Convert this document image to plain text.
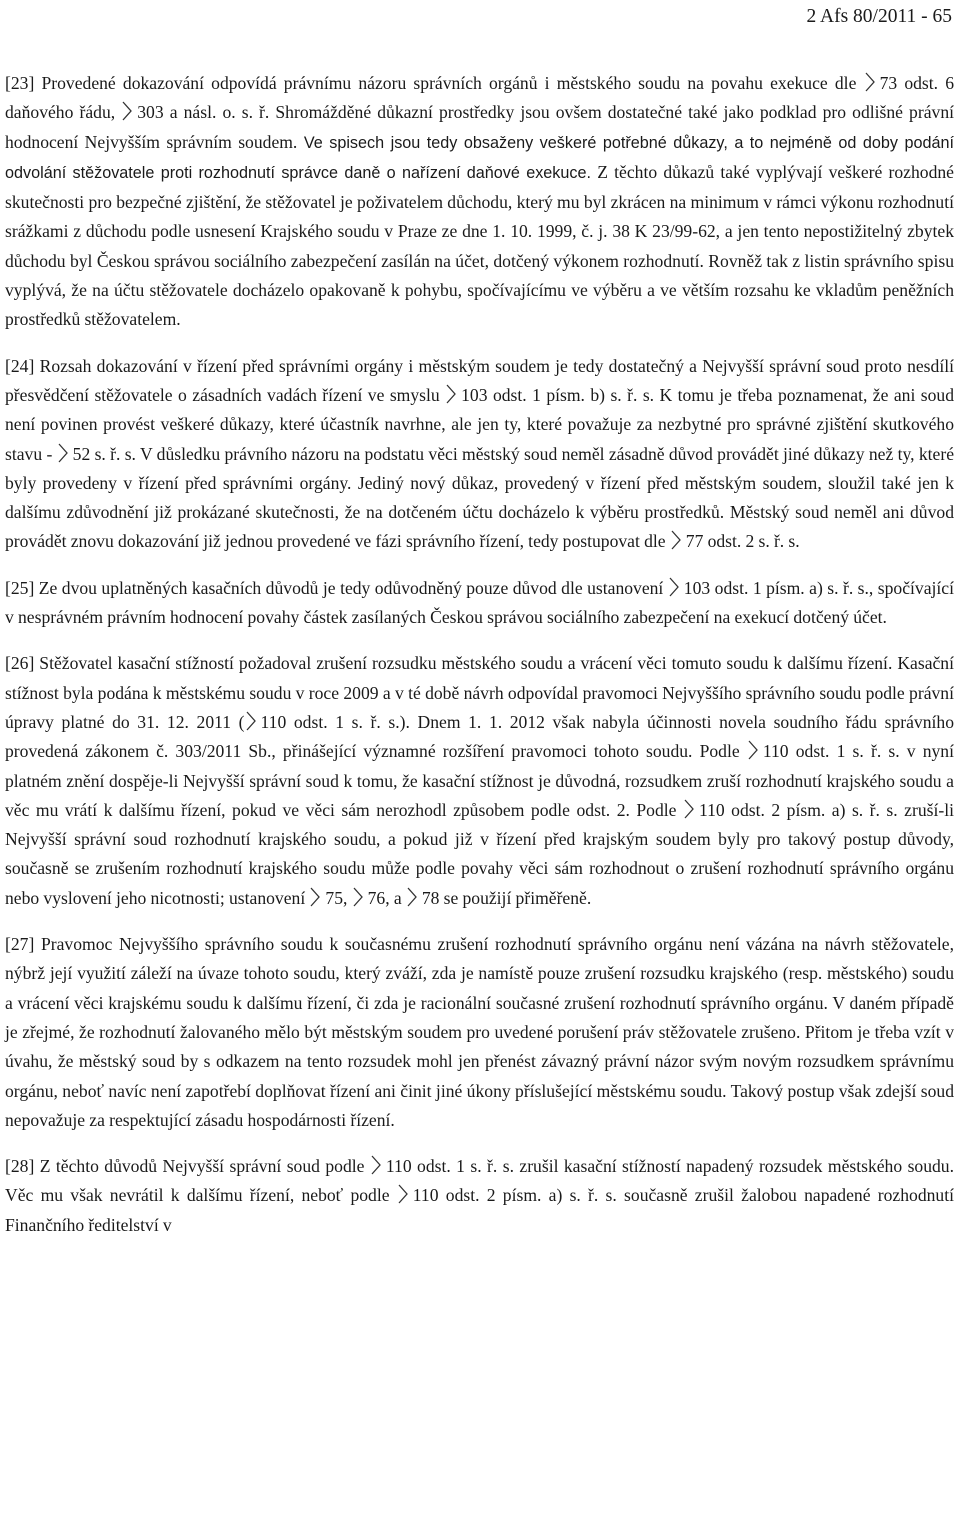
2 Afs 80/2011 - 65

[23] Provedené dokazování odpovídá právnímu názoru správních orgánů i městského soudu na povahu exekuce dle 73 odst. 6 daňového řádu, 303 a násl. o. s. ř. Shromážděné důkazní prostředky jsou ovšem dostatečné také jako podklad pro odlišné právní hodnocení Nejvyšším správním soudem. Ve spisech jsou tedy obsaženy veškeré potřebné důkazy, a to nejméně od doby podání odvolání stěžovatele proti rozhodnutí správce daně o nařízení daňové exekuce. Z těchto důkazů také vyplývají veškeré rozhodné skutečnosti pro bezpečné zjištění, že stěžovatel je poživatelem důchodu, který mu byl zkrácen na minimum v rámci výkonu rozhodnutí srážkami z důchodu podle usnesení Krajského soudu v Praze ze dne 1. 10. 1999, č. j. 38 K 23/99-62, a jen tento nepostižitelný zbytek důchodu byl Českou správou sociálního zabezpečení zasílán na účet, dotčený výkonem rozhodnutí. Rovněž tak z listin správního spisu vyplývá, že na účtu stěžovatele docházelo opakovaně k pohybu, spočívajícímu ve výběru a ve větším rozsahu ke vkladům peněžních prostředků stěžovatelem.

[24] Rozsah dokazování v řízení před správními orgány i městským soudem je tedy dostatečný a Nejvyšší správní soud proto nesdílí přesvědčení stěžovatele o zásadních vadách řízení ve smyslu 103 odst. 1 písm. b) s. ř. s. K tomu je třeba poznamenat, že ani soud není povinen provést veškeré důkazy, které účastník navrhne, ale jen ty, které považuje za nezbytné pro správné zjištění skutkového stavu - 52 s. ř. s. V důsledku právního názoru na podstatu věci městský soud neměl zásadně důvod provádět jiné důkazy než ty, které byly provedeny v řízení před správními orgány. Jediný nový důkaz, provedený v řízení před městským soudem, sloužil také jen k dalšímu zdůvodnění již prokázané skutečnosti, že na dotčeném účtu docházelo k výběru prostředků. Městský soud neměl ani důvod provádět znovu dokazování již jednou provedené ve fázi správního řízení, tedy postupovat dle 77 odst. 2 s. ř. s.

[25] Ze dvou uplatněných kasačních důvodů je tedy odůvodněný pouze důvod dle ustanovení 103 odst. 1 písm. a) s. ř. s., spočívající v nesprávném právním hodnocení povahy částek zasílaných Českou správou sociálního zabezpečení na exekucí dotčený účet.

[26] Stěžovatel kasační stížností požadoval zrušení rozsudku městského soudu a vrácení věci tomuto soudu k dalšímu řízení. Kasační stížnost byla podána k městskému soudu v roce 2009 a v té době návrh odpovídal pravomoci Nejvyššího správního soudu podle právní úpravy platné do 31. 12. 2011 ( 110 odst. 1 s. ř. s.). Dnem 1. 1. 2012 však nabyla účinnosti novela soudního řádu správního provedená zákonem č. 303/2011 Sb., přinášející významné rozšíření pravomoci tohoto soudu. Podle 110 odst. 1 s. ř. s. v nyní platném znění dospěje-li Nejvyšší správní soud k tomu, že kasační stížnost je důvodná, rozsudkem zruší rozhodnutí krajského soudu a věc mu vrátí k dalšímu řízení, pokud ve věci sám nerozhodl způsobem podle odst. 2. Podle 110 odst. 2 písm. a) s. ř. s. zruší-li Nejvyšší správní soud rozhodnutí krajského soudu, a pokud již v řízení před krajským soudem byly pro takový postup důvody, současně se zrušením rozhodnutí krajského soudu může podle povahy věci sám rozhodnout o zrušení rozhodnutí správního orgánu nebo vyslovení jeho nicotnosti; ustanovení 75, 76, a 78 se použijí přiměřeně.

[27] Pravomoc Nejvyššího správního soudu k současnému zrušení rozhodnutí správního orgánu není vázána na návrh stěžovatele, nýbrž její využití záleží na úvaze tohoto soudu, který zváží, zda je namístě pouze zrušení rozsudku krajského (resp. městského) soudu a vrácení věci krajskému soudu k dalšímu řízení, či zda je racionální současné zrušení rozhodnutí správního orgánu. V daném případě je zřejmé, že rozhodnutí žalovaného mělo být městským soudem pro uvedené porušení práv stěžovatele zrušeno. Přitom je třeba vzít v úvahu, že městský soud by s odkazem na tento rozsudek mohl jen přenést závazný právní názor svým novým rozsudkem správnímu orgánu, neboť navíc není zapotřebí doplňovat řízení ani činit jiné úkony příslušející městskému soudu. Takový postup však zdejší soud nepovažuje za respektující zásadu hospodárnosti řízení.

[28] Z těchto důvodů Nejvyšší správní soud podle 110 odst. 1 s. ř. s. zrušil kasační stížností napadený rozsudek městského soudu. Věc mu však nevrátil k dalšímu řízení, neboť podle 110 odst. 2 písm. a) s. ř. s. současně zrušil žalobou napadené rozhodnutí Finančního ředitelství v
